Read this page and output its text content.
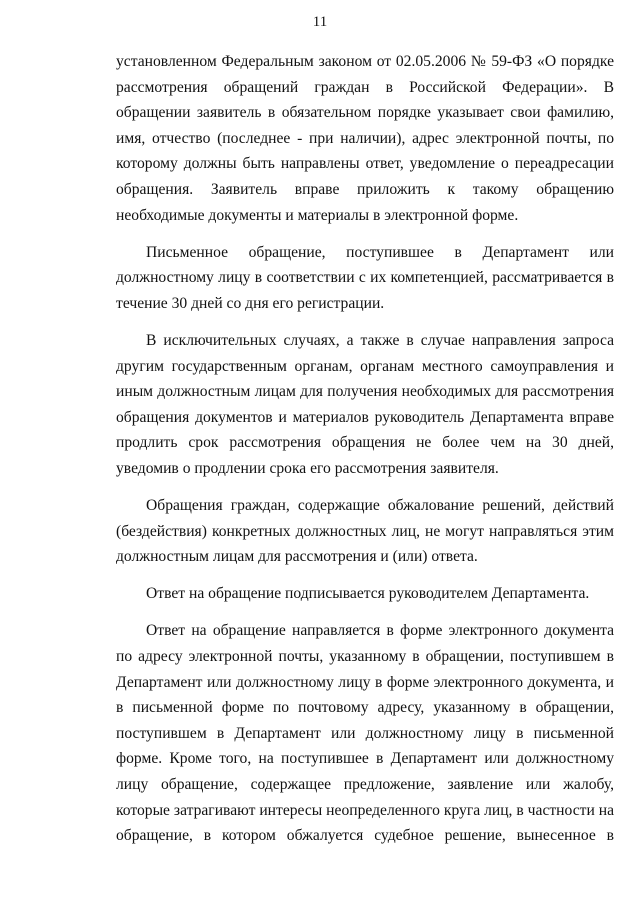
11

установленном Федеральным законом от 02.05.2006 № 59-ФЗ «О порядке рассмотрения обращений граждан в Российской Федерации». В обращении заявитель в обязательном порядке указывает свои фамилию, имя, отчество (последнее - при наличии), адрес электронной почты, по которому должны быть направлены ответ, уведомление о переадресации обращения. Заявитель вправе приложить к такому обращению необходимые документы и материалы в электронной форме.

Письменное обращение, поступившее в Департамент или должностному лицу в соответствии с их компетенцией, рассматривается в течение 30 дней со дня его регистрации.

В исключительных случаях, а также в случае направления запроса другим государственным органам, органам местного самоуправления и иным должностным лицам для получения необходимых для рассмотрения обращения документов и материалов руководитель Департамента вправе продлить срок рассмотрения обращения не более чем на 30 дней, уведомив о продлении срока его рассмотрения заявителя.

Обращения граждан, содержащие обжалование решений, действий (бездействия) конкретных должностных лиц, не могут направляться этим должностным лицам для рассмотрения и (или) ответа.

Ответ на обращение подписывается руководителем Департамента.

Ответ на обращение направляется в форме электронного документа по адресу электронной почты, указанному в обращении, поступившем в Департамент или должностному лицу в форме электронного документа, и в письменной форме по почтовому адресу, указанному в обращении, поступившем в Департамент или должностному лицу в письменной форме. Кроме того, на поступившее в Департамент или должностному лицу обращение, содержащее предложение, заявление или жалобу, которые затрагивают интересы неопределенного круга лиц, в частности на обращение, в котором обжалуется судебное решение, вынесенное в
